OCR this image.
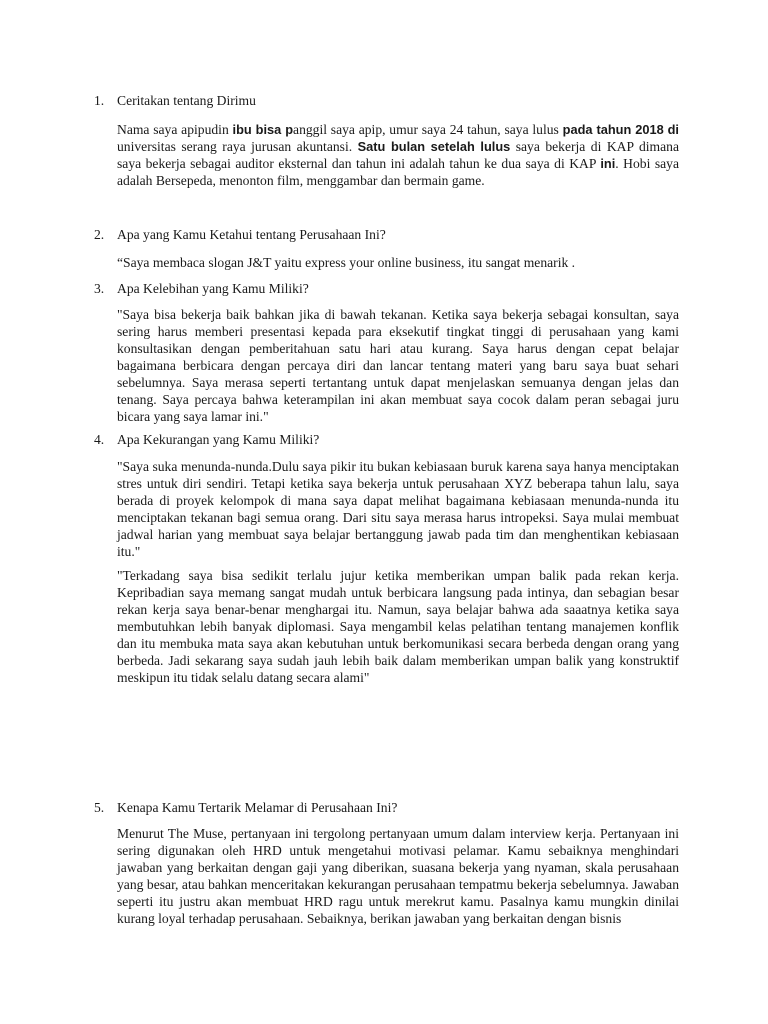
1. Ceritakan tentang Dirimu

Nama saya apipudin ibu bisa panggil saya apip, umur saya 24 tahun, saya lulus pada tahun 2018 di universitas serang raya jurusan akuntansi. Satu bulan setelah lulus saya bekerja di KAP dimana saya bekerja sebagai auditor eksternal dan tahun ini adalah tahun ke dua saya di KAP ini. Hobi saya adalah Bersepeda, menonton film, menggambar dan bermain game.

2. Apa yang Kamu Ketahui tentang Perusahaan Ini?

“Saya membaca slogan J&T yaitu express your online business, itu sangat menarik .

3. Apa Kelebihan yang Kamu Miliki?

"Saya bisa bekerja baik bahkan jika di bawah tekanan. Ketika saya bekerja sebagai konsultan, saya sering harus memberi presentasi kepada para eksekutif tingkat tinggi di perusahaan yang kami konsultasikan dengan pemberitahuan satu hari atau kurang. Saya harus dengan cepat belajar bagaimana berbicara dengan percaya diri dan lancar tentang materi yang baru saya buat sehari sebelumnya. Saya merasa seperti tertantang untuk dapat menjelaskan semuanya dengan jelas dan tenang. Saya percaya bahwa keterampilan ini akan membuat saya cocok dalam peran sebagai juru bicara yang saya lamar ini."

4. Apa Kekurangan yang Kamu Miliki?

"Saya suka menunda-nunda.Dulu saya pikir itu bukan kebiasaan buruk karena saya hanya menciptakan stres untuk diri sendiri. Tetapi ketika saya bekerja untuk perusahaan XYZ beberapa tahun lalu, saya berada di proyek kelompok di mana saya dapat melihat bagaimana kebiasaan menunda-nunda itu menciptakan tekanan bagi semua orang. Dari situ saya merasa harus intropeksi. Saya mulai membuat jadwal harian yang membuat saya belajar bertanggung jawab pada tim dan menghentikan kebiasaan itu."

"Terkadang saya bisa sedikit terlalu jujur ketika memberikan umpan balik pada rekan kerja. Kepribadian saya memang sangat mudah untuk berbicara langsung pada intinya, dan sebagian besar rekan kerja saya benar-benar menghargai itu. Namun, saya belajar bahwa ada saaatnya ketika saya membutuhkan lebih banyak diplomasi. Saya mengambil kelas pelatihan tentang manajemen konflik dan itu membuka mata saya akan kebutuhan untuk berkomunikasi secara berbeda dengan orang yang berbeda. Jadi sekarang saya sudah jauh lebih baik dalam memberikan umpan balik yang konstruktif meskipun itu tidak selalu datang secara alami"

5. Kenapa Kamu Tertarik Melamar di Perusahaan Ini?

Menurut The Muse, pertanyaan ini tergolong pertanyaan umum dalam interview kerja. Pertanyaan ini sering digunakan oleh HRD untuk mengetahui motivasi pelamar. Kamu sebaiknya menghindari jawaban yang berkaitan dengan gaji yang diberikan, suasana bekerja yang nyaman, skala perusahaan yang besar, atau bahkan menceritakan kekurangan perusahaan tempatmu bekerja sebelumnya. Jawaban seperti itu justru akan membuat HRD ragu untuk merekrut kamu. Pasalnya kamu mungkin dinilai kurang loyal terhadap perusahaan. Sebaiknya, berikan jawaban yang berkaitan dengan bisnis
